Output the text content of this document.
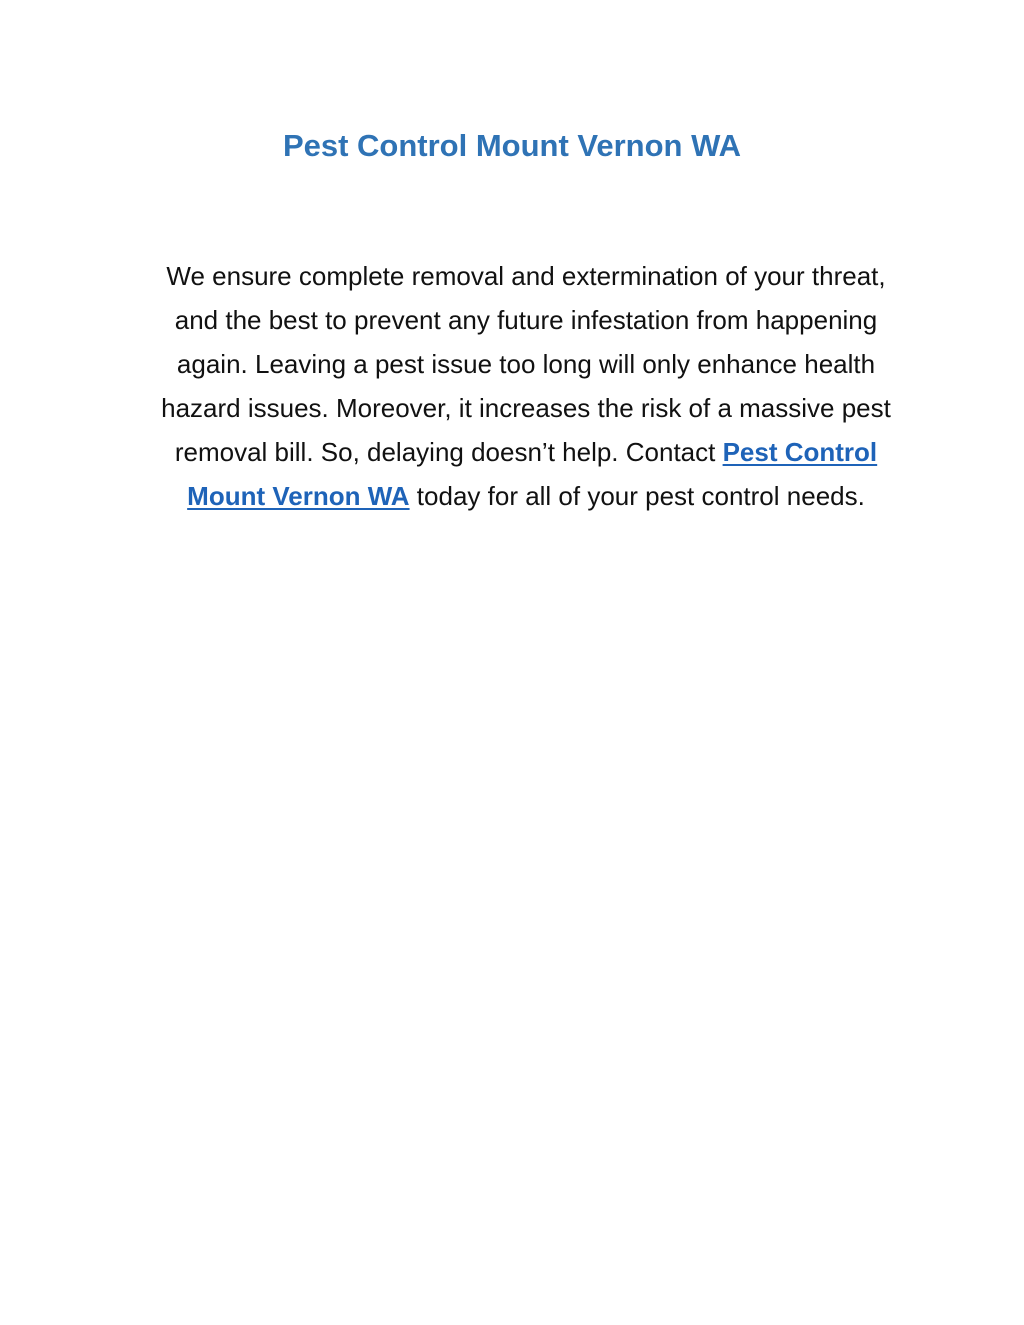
Pest Control Mount Vernon WA

We ensure complete removal and extermination of your threat, and the best to prevent any future infestation from happening again. Leaving a pest issue too long will only enhance health hazard issues. Moreover, it increases the risk of a massive pest removal bill. So, delaying doesn’t help. Contact Pest Control Mount Vernon WA today for all of your pest control needs.
